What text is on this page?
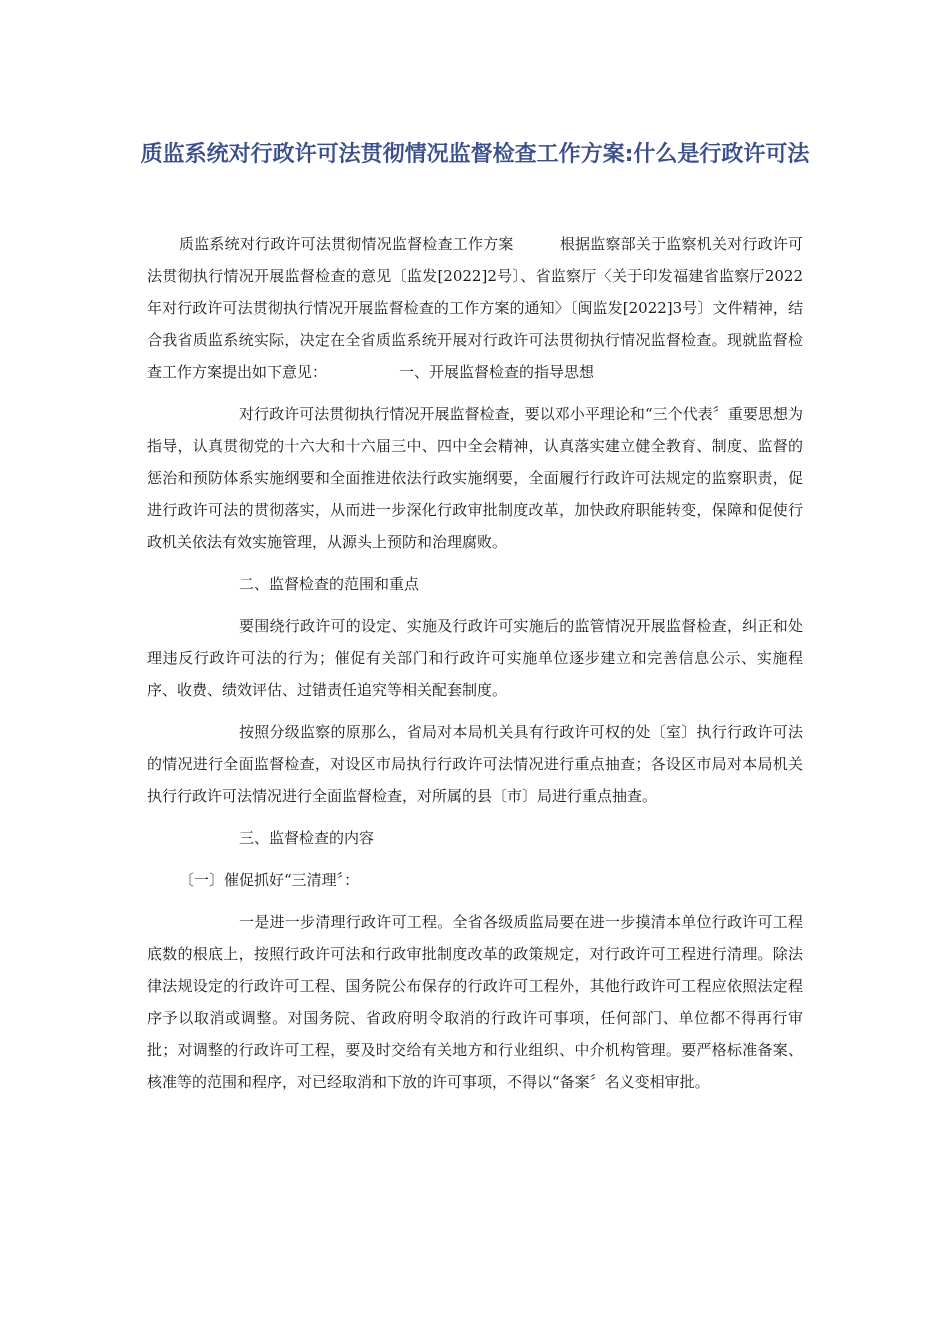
质监系统对行政许可法贯彻情况监督检查工作方案:什么是行政许可法

质监系统对行政许可法贯彻情况监督检查工作方案	根据监察部关于监察机关对行政许可法贯彻执行情况开展监督检查的意见〔监发[2022]2号〕、省监察厅〈关于印发福建省监察厅2022年对行政许可法贯彻执行情况开展监督检查的工作方案的通知〉〔闽监发[2022]3号〕文件精神，结合我省质监系统实际，决定在全省质监系统开展对行政许可法贯彻执行情况监督检查。现就监督检查工作方案提出如下意见：	一、开展监督检查的指导思想

对行政许可法贯彻执行情况开展监督检查，要以邓小平理论和“三个代表〞重要思想为指导，认真贯彻党的十六大和十六届三中、四中全会精神，认真落实建立健全教育、制度、监督的惩治和预防体系实施纲要和全面推进依法行政实施纲要，全面履行行政许可法规定的监察职责，促进行政许可法的贯彻落实，从而进一步深化行政审批制度改革，加快政府职能转变，保障和促使行政机关依法有效实施管理，从源头上预防和治理腐败。

二、监督检查的范围和重点

要围绕行政许可的设定、实施及行政许可实施后的监管情况开展监督检查，纠正和处理违反行政许可法的行为；催促有关部门和行政许可实施单位逐步建立和完善信息公示、实施程序、收费、绩效评估、过错责任追究等相关配套制度。

按照分级监察的原那么，省局对本局机关具有行政许可权的处〔室〕执行行政许可法的情况进行全面监督检查，对设区市局执行行政许可法情况进行重点抽查；各设区市局对本局机关执行行政许可法情况进行全面监督检查，对所属的县〔市〕局进行重点抽查。

三、监督检查的内容

〔一〕催促抓好“三清理〞：

一是进一步清理行政许可工程。全省各级质监局要在进一步摸清本单位行政许可工程底数的根底上，按照行政许可法和行政审批制度改革的政策规定，对行政许可工程进行清理。除法律法规设定的行政许可工程、国务院公布保存的行政许可工程外，其他行政许可工程应依照法定程序予以取消或调整。对国务院、省政府明令取消的行政许可事项，任何部门、单位都不得再行审批；对调整的行政许可工程，要及时交给有关地方和行业组织、中介机构管理。要严格标准备案、核准等的范围和程序，对已经取消和下放的许可事项，不得以“备案〞名义变相审批。
